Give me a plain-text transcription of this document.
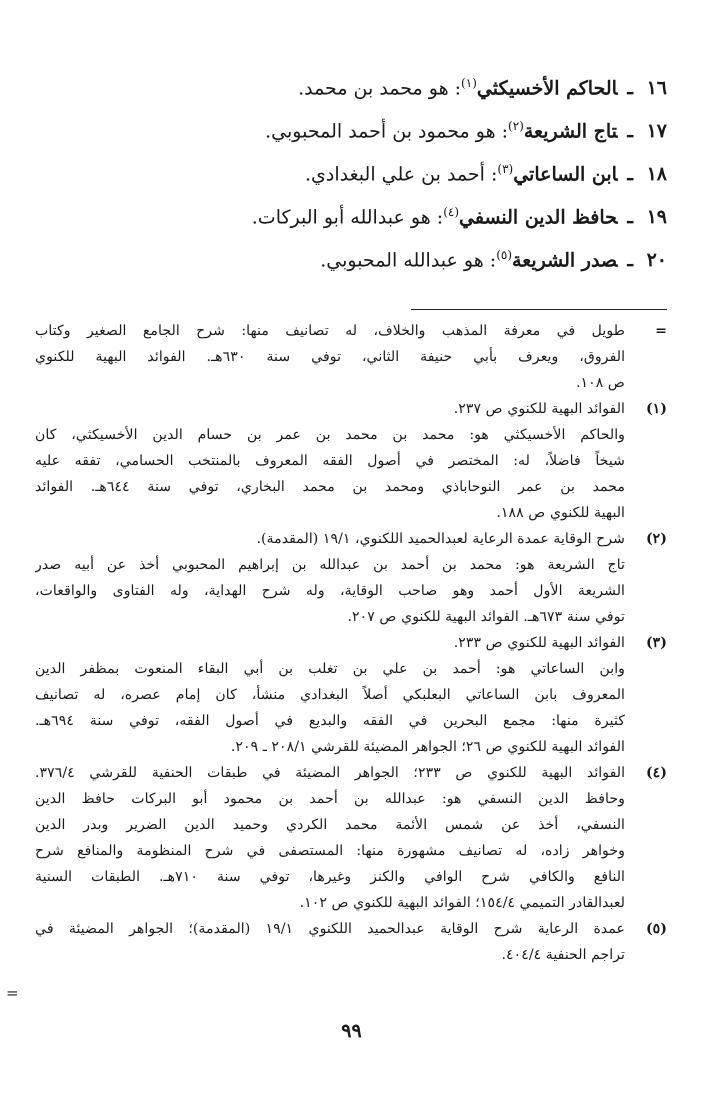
١٦ـالحاكم الأخسيكثي$^{(١)}$: هو محمد بن محمد.
١٧ـتاج الشريعة$^{(٢)}$: هو محمود بن أحمد المحبوبي.
١٨ـابن الساعاتي$^{(٣)}$: أحمد بن علي البغدادي.
١٩ـحافظ الدين النسفي$^{(٤)}$: هو عبدالله أبو البركات.
٢٠ـصدر الشريعة$^{(٥)}$: هو عبدالله المحبوبي.
=
طويل في معرفة المذهب والخلاف، له تصانيف منها: شرح الجامع الصغير وكتاب
الفروق، ويعرف بأبي حنيفة الثاني، توفي سنة ٦٣٠هـ. الفوائد البهية للكنوي
ص ١٠٨.
(١)
الفوائد البهية للكنوي ص ٢٣٧.
والحاكم الأخسيكثي هو: محمد بن محمد بن عمر بن حسام الدين الأخسيكثي، كان
شيخاً فاضلاً، له: المختصر في أصول الفقه المعروف بالمنتخب الحسامي، تفقه عليه
محمد بن عمر النوحاباذي ومحمد بن محمد البخاري، توفي سنة ٦٤٤هـ. الفوائد
البهية للكنوي ص ١٨٨.
(٢)
شرح الوقاية عمدة الرعاية لعبدالحميد اللكنوي، ١٩/١ (المقدمة).
تاج الشريعة هو: محمد بن أحمد بن عبدالله بن إبراهيم المحبوبي أخذ عن أبيه صدر
الشريعة الأول أحمد وهو صاحب الوقاية، وله شرح الهداية، وله الفتاوى والواقعات،
توفي سنة ٦٧٣هـ. الفوائد البهية للكنوي ص ٢٠٧.
(٣)
الفوائد البهية للكنوي ص ٢٣٣.
وابن الساعاتي هو: أحمد بن علي بن تغلب بن أبي البقاء المنعوت بمظفر الدين
المعروف بابن الساعاتي البعلبكي أصلاً البغدادي منشأ، كان إمام عصره، له تصانيف
كثيرة منها: مجمع البحرين في الفقه والبديع في أصول الفقه، توفي سنة ٦٩٤هـ.
الفوائد البهية للكنوي ص ٢٦؛ الجواهر المضيئة للقرشي ٢٠٨/١ ـ ٢٠٩.
(٤)
الفوائد البهية للكنوي ص ٢٣٣؛ الجواهر المضيئة في طبقات الحنفية للقرشي ٣٧٦/٤.
وحافظ الدين النسفي هو: عبدالله بن أحمد بن محمود أبو البركات حافظ الدين
النسفي، أخذ عن شمس الأئمة محمد الكردي وحميد الدين الضرير وبدر الدين
وخواهر زاده، له تصانيف مشهورة منها: المستصفى في شرح المنظومة والمنافع شرح
النافع والكافي شرح الوافي والكنز وغيرها، توفي سنة ٧١٠هـ. الطبقات السنية
لعبدالقادر التميمي ١٥٤/٤؛ الفوائد البهية للكنوي ص ١٠٢.
(٥)
عمدة الرعاية شرح الوقاية عبدالحميد اللكنوي ١٩/١ (المقدمة)؛ الجواهر المضيئة في
تراجم الحنفية ٤٠٤/٤.
=
٩٩
